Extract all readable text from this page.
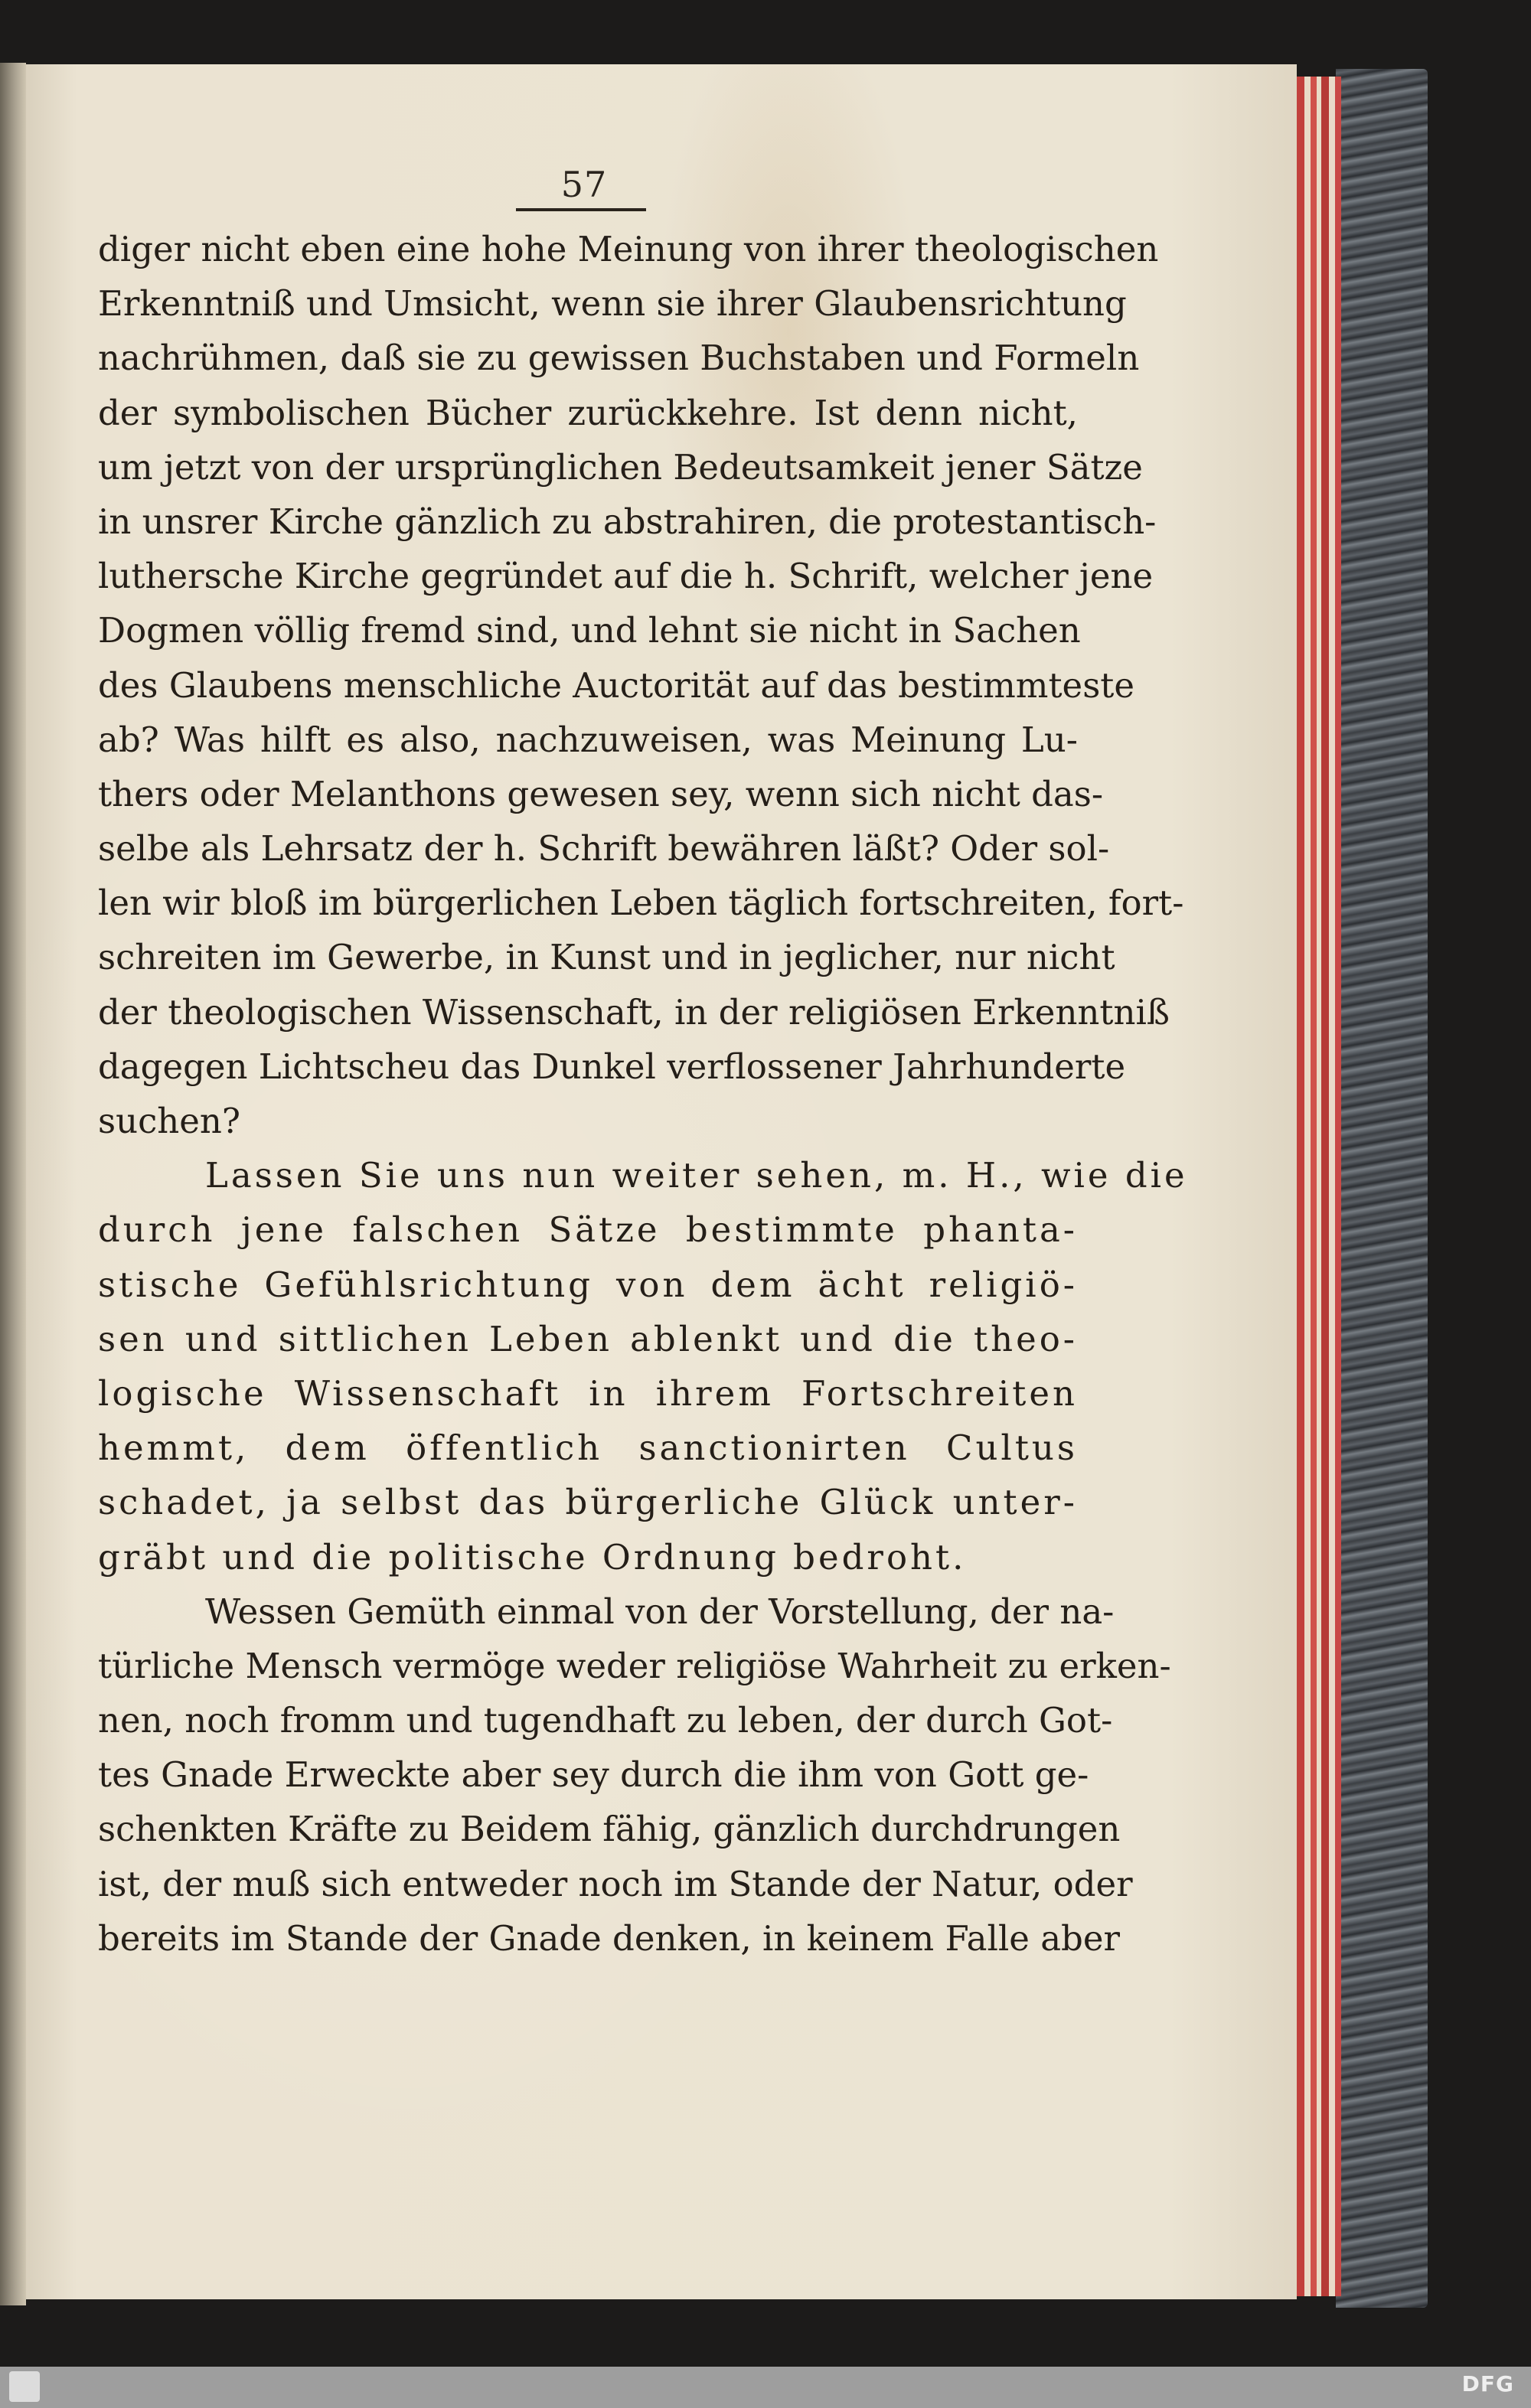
57
diger nicht eben eine hohe Meinung von ihrer theologischen
Erkenntniß und Umsicht, wenn sie ihrer Glaubensrichtung
nachrühmen, daß sie zu gewissen Buchstaben und Formeln
der symbolischen Bücher zurückkehre. Ist denn nicht,
um jetzt von der ursprünglichen Bedeutsamkeit jener Sätze
in unsrer Kirche gänzlich zu abstrahiren, die protestantisch-
luthersche Kirche gegründet auf die h. Schrift, welcher jene
Dogmen völlig fremd sind, und lehnt sie nicht in Sachen
des Glaubens menschliche Auctorität auf das bestimmteste
ab? Was hilft es also, nachzuweisen, was Meinung Lu-
thers oder Melanthons gewesen sey, wenn sich nicht das-
selbe als Lehrsatz der h. Schrift bewähren läßt? Oder sol-
len wir bloß im bürgerlichen Leben täglich fortschreiten, fort-
schreiten im Gewerbe, in Kunst und in jeglicher, nur nicht
der theologischen Wissenschaft, in der religiösen Erkenntniß
dagegen Lichtscheu das Dunkel verflossener Jahrhunderte
suchen?
Lassen Sie uns nun weiter sehen, m. H., wie die
durch jene falschen Sätze bestimmte phanta-
stische Gefühlsrichtung von dem ächt religiö-
sen und sittlichen Leben ablenkt und die theo-
logische Wissenschaft in ihrem Fortschreiten
hemmt, dem öffentlich sanctionirten Cultus
schadet, ja selbst das bürgerliche Glück unter-
gräbt und die politische Ordnung bedroht.
Wessen Gemüth einmal von der Vorstellung, der na-
türliche Mensch vermöge weder religiöse Wahrheit zu erken-
nen, noch fromm und tugendhaft zu leben, der durch Got-
tes Gnade Erweckte aber sey durch die ihm von Gott ge-
schenkten Kräfte zu Beidem fähig, gänzlich durchdrungen
ist, der muß sich entweder noch im Stande der Natur, oder
bereits im Stande der Gnade denken, in keinem Falle aber
DFG
